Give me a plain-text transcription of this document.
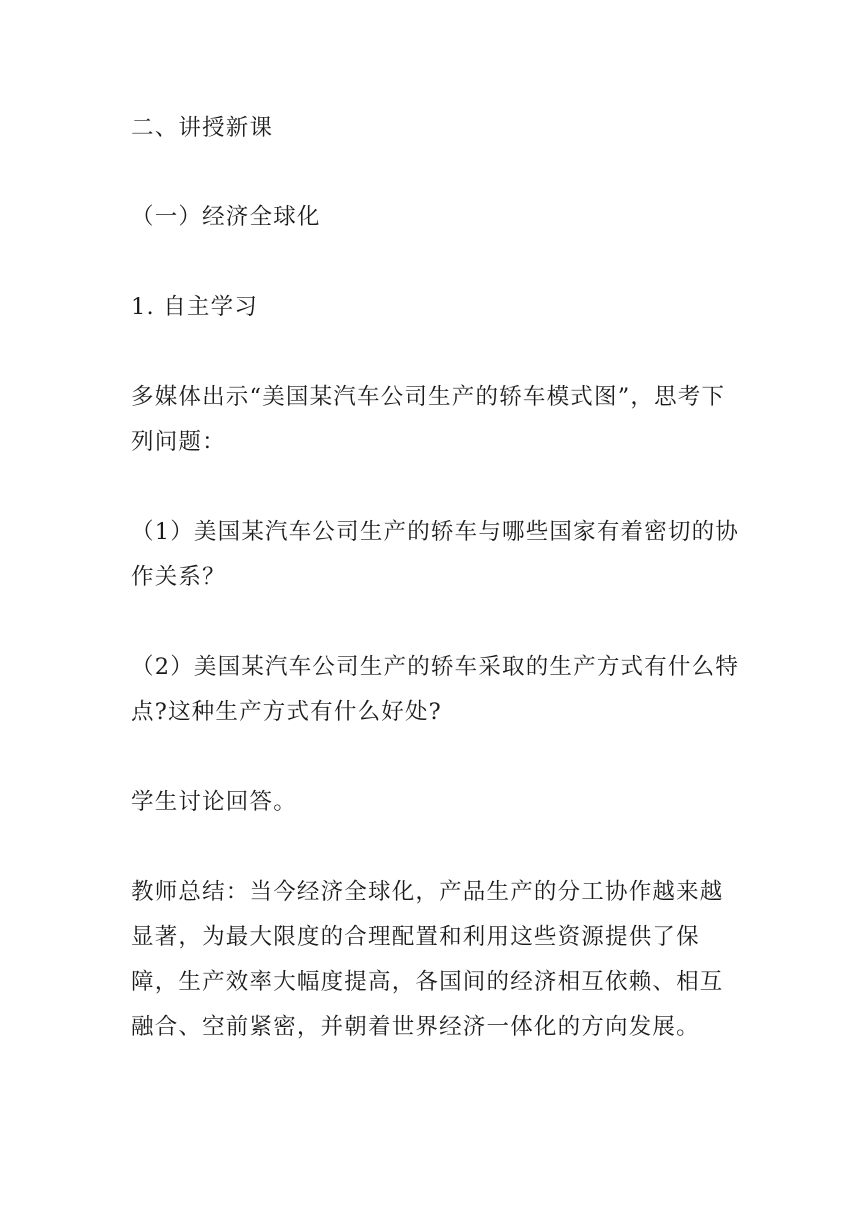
二、讲授新课

（一）经济全球化

1. 自主学习

多媒体出示“美国某汽车公司生产的轿车模式图”，思考下列问题：

（1）美国某汽车公司生产的轿车与哪些国家有着密切的协作关系？

（2）美国某汽车公司生产的轿车采取的生产方式有什么特点?这种生产方式有什么好处?

学生讨论回答。

教师总结：当今经济全球化，产品生产的分工协作越来越显著，为最大限度的合理配置和利用这些资源提供了保障，生产效率大幅度提高，各国间的经济相互依赖、相互融合、空前紧密，并朝着世界经济一体化的方向发展。
